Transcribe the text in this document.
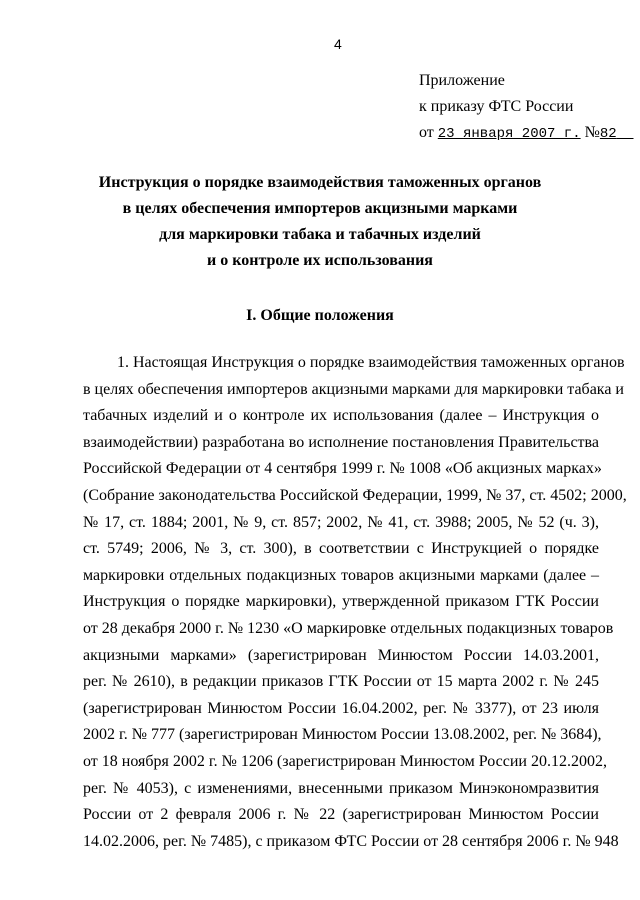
4
Приложение
к приказу ФТС России
от 23 января 2007 г. №82
Инструкция о порядке взаимодействия таможенных органов
в целях обеспечения импортеров акцизными марками
для маркировки табака и табачных изделий
и о контроле их использования
I. Общие положения
1. Настоящая Инструкция о порядке взаимодействия таможенных органов
в целях обеспечения импортеров акцизными марками для маркировки табака и
табачных изделий и о контроле их использования (далее – Инструкция о
взаимодействии) разработана во исполнение постановления Правительства
Российской Федерации от 4 сентября 1999 г. № 1008 «Об акцизных марках»
(Собрание законодательства Российской Федерации, 1999, № 37, ст. 4502; 2000,
№ 17, ст. 1884; 2001, № 9, ст. 857; 2002, № 41, ст. 3988; 2005, № 52 (ч. 3),
ст. 5749; 2006, № 3, ст. 300), в соответствии с Инструкцией о порядке
маркировки отдельных подакцизных товаров акцизными марками (далее –
Инструкция о порядке маркировки), утвержденной приказом ГТК России
от 28 декабря 2000 г. № 1230 «О маркировке отдельных подакцизных товаров
акцизными марками» (зарегистрирован Минюстом России 14.03.2001,
рег. № 2610), в редакции приказов ГТК России от 15 марта 2002 г. № 245
(зарегистрирован Минюстом России 16.04.2002, рег. № 3377), от 23 июля
2002 г. № 777 (зарегистрирован Минюстом России 13.08.2002, рег. № 3684),
от 18 ноября 2002 г. № 1206 (зарегистрирован Минюстом России 20.12.2002,
рег. № 4053), с изменениями, внесенными приказом Минэкономразвития
России от 2 февраля 2006 г. № 22 (зарегистрирован Минюстом России
14.02.2006, рег. № 7485), с приказом ФТС России от 28 сентября 2006 г. № 948
